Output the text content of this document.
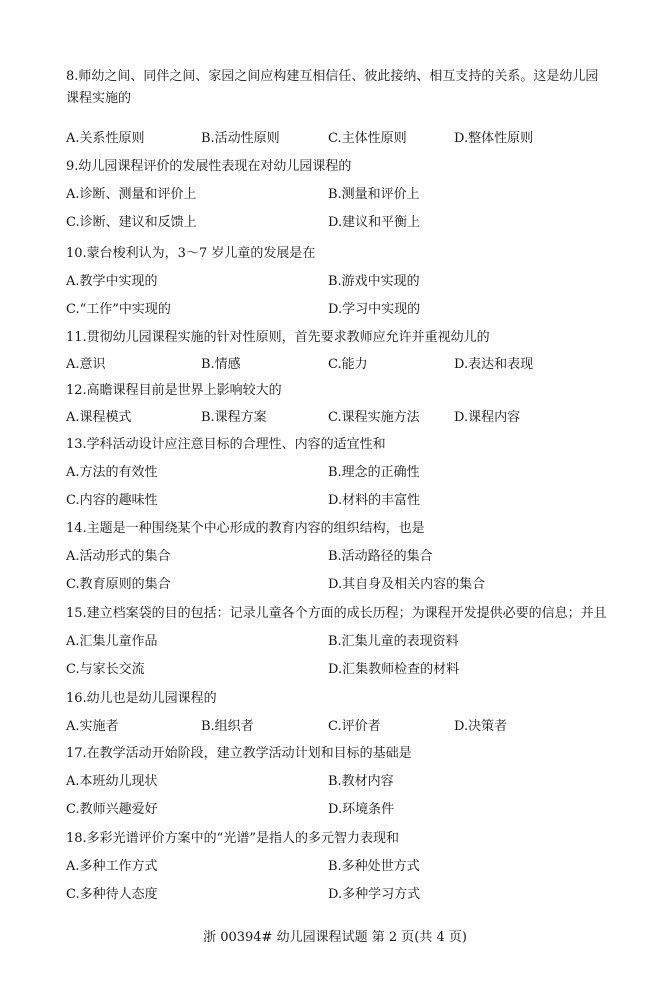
8.师幼之间、同伴之间、家园之间应构建互相信任、彼此接纳、相互支持的关系。这是幼儿园
课程实施的
A.关系性原则	B.活动性原则	C.主体性原则	D.整体性原则
9.幼儿园课程评价的发展性表现在对幼儿园课程的
A.诊断、测量和评价上	B.测量和评价上
C.诊断、建议和反馈上	D.建议和平衡上
10.蒙台梭利认为，3～7 岁儿童的发展是在
A.教学中实现的	B.游戏中实现的
C.“工作”中实现的	D.学习中实现的
11.贯彻幼儿园课程实施的针对性原则，首先要求教师应允许并重视幼儿的
A.意识	B.情感	C.能力	D.表达和表现
12.高瞻课程目前是世界上影响较大的
A.课程模式	B.课程方案	C.课程实施方法	D.课程内容
13.学科活动设计应注意目标的合理性、内容的适宜性和
A.方法的有效性	B.理念的正确性
C.内容的趣味性	D.材料的丰富性
14.主题是一种围绕某个中心形成的教育内容的组织结构，也是
A.活动形式的集合	B.活动路径的集合
C.教育原则的集合	D.其自身及相关内容的集合
15.建立档案袋的目的包括：记录儿童各个方面的成长历程；为课程开发提供必要的信息；并且
A.汇集儿童作品	B.汇集儿童的表现资料
C.与家长交流	D.汇集教师检查的材料
16.幼儿也是幼儿园课程的
A.实施者	B.组织者	C.评价者	D.决策者
17.在教学活动开始阶段，建立教学活动计划和目标的基础是
A.本班幼儿现状	B.教材内容
C.教师兴趣爱好	D.环境条件
18.多彩光谱评价方案中的“光谱”是指人的多元智力表现和
A.多种工作方式	B.多种处世方式
C.多种待人态度	D.多种学习方式
浙 00394# 幼儿园课程试题 第 2 页(共 4 页)
